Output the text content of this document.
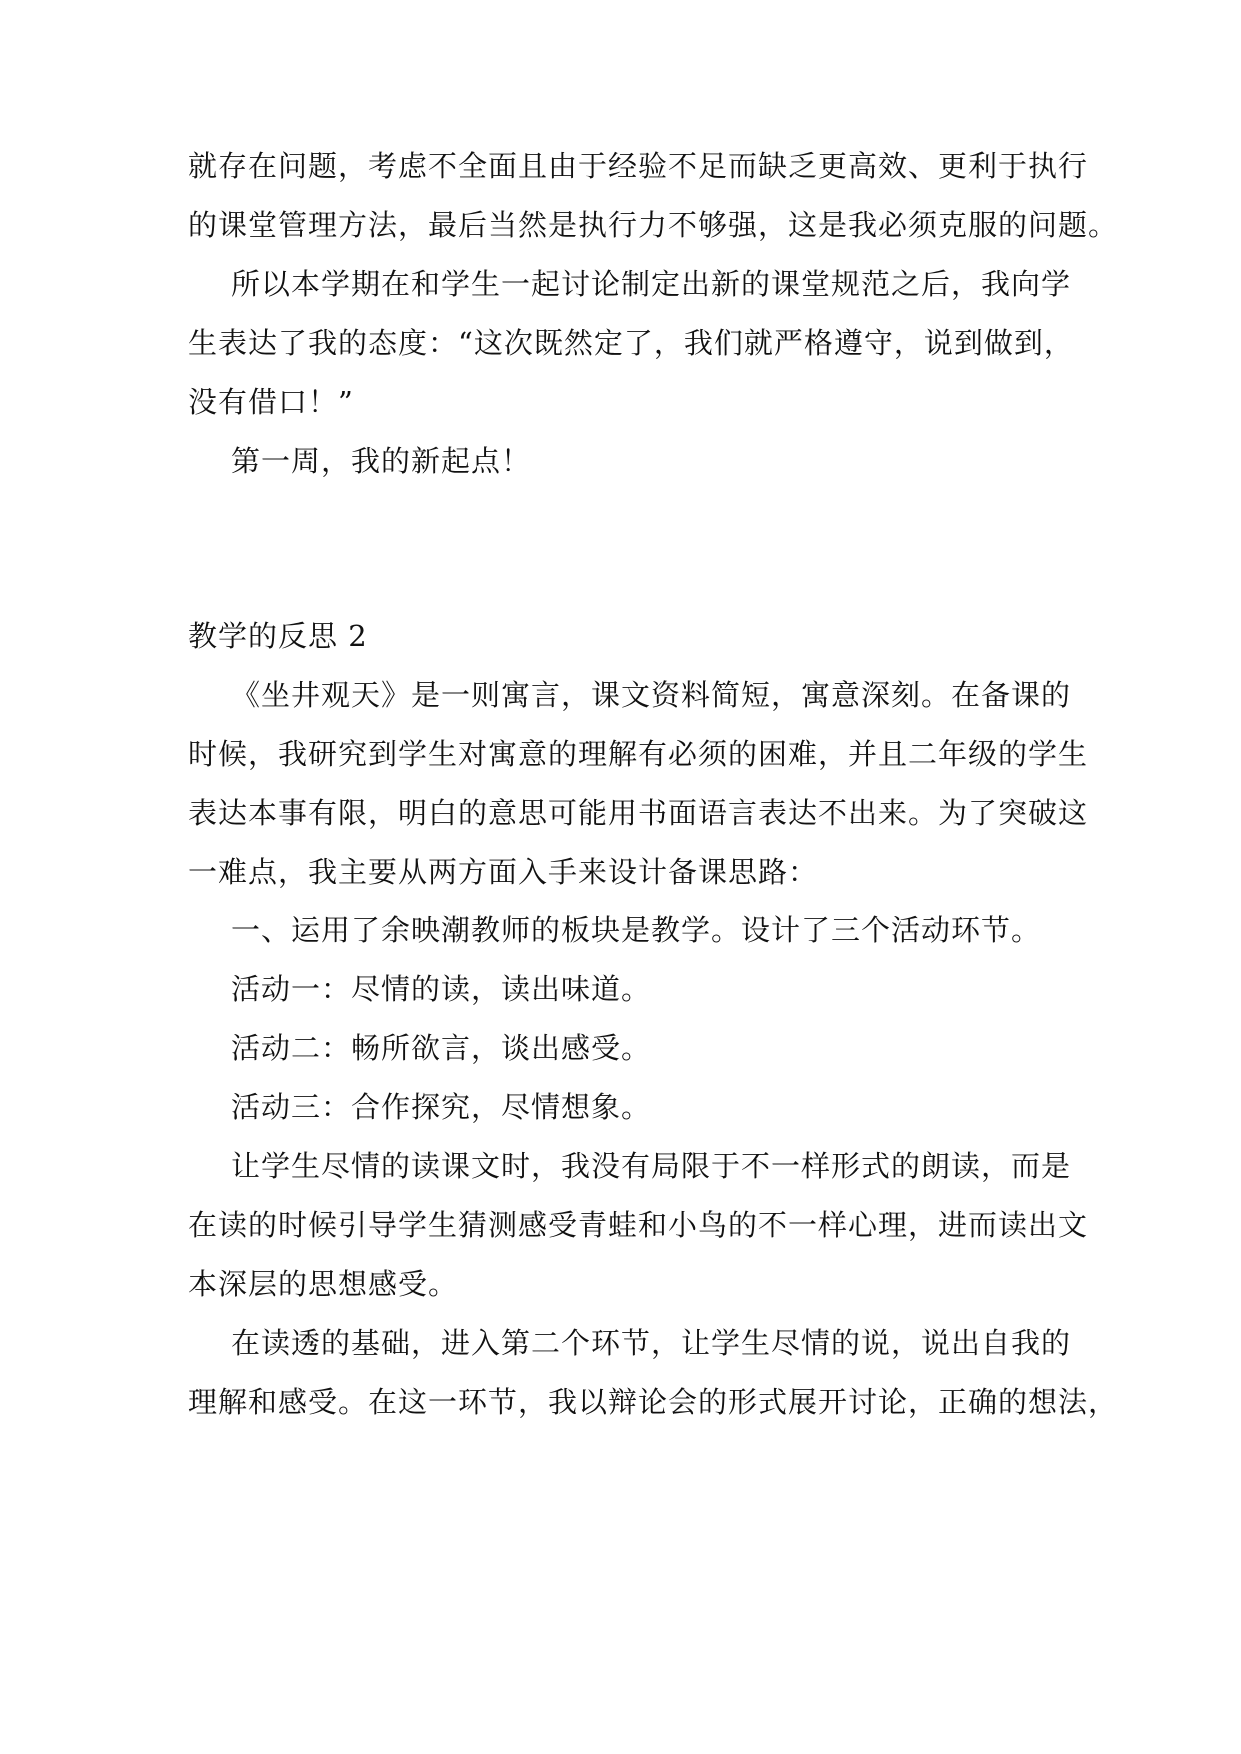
就存在问题，考虑不全面且由于经验不足而缺乏更高效、更利于执行
的课堂管理方法，最后当然是执行力不够强，这是我必须克服的问题。
所以本学期在和学生一起讨论制定出新的课堂规范之后，我向学
生表达了我的态度：“这次既然定了，我们就严格遵守，说到做到，
没有借口！”
第一周，我的新起点！
教学的反思 2
《坐井观天》是一则寓言，课文资料简短，寓意深刻。在备课的
时候，我研究到学生对寓意的理解有必须的困难，并且二年级的学生
表达本事有限，明白的意思可能用书面语言表达不出来。为了突破这
一难点，我主要从两方面入手来设计备课思路：
一、运用了余映潮教师的板块是教学。设计了三个活动环节。
活动一：尽情的读，读出味道。
活动二：畅所欲言，谈出感受。
活动三：合作探究，尽情想象。
让学生尽情的读课文时，我没有局限于不一样形式的朗读，而是
在读的时候引导学生猜测感受青蛙和小鸟的不一样心理，进而读出文
本深层的思想感受。
在读透的基础，进入第二个环节，让学生尽情的说，说出自我的
理解和感受。在这一环节，我以辩论会的形式展开讨论，正确的想法，
